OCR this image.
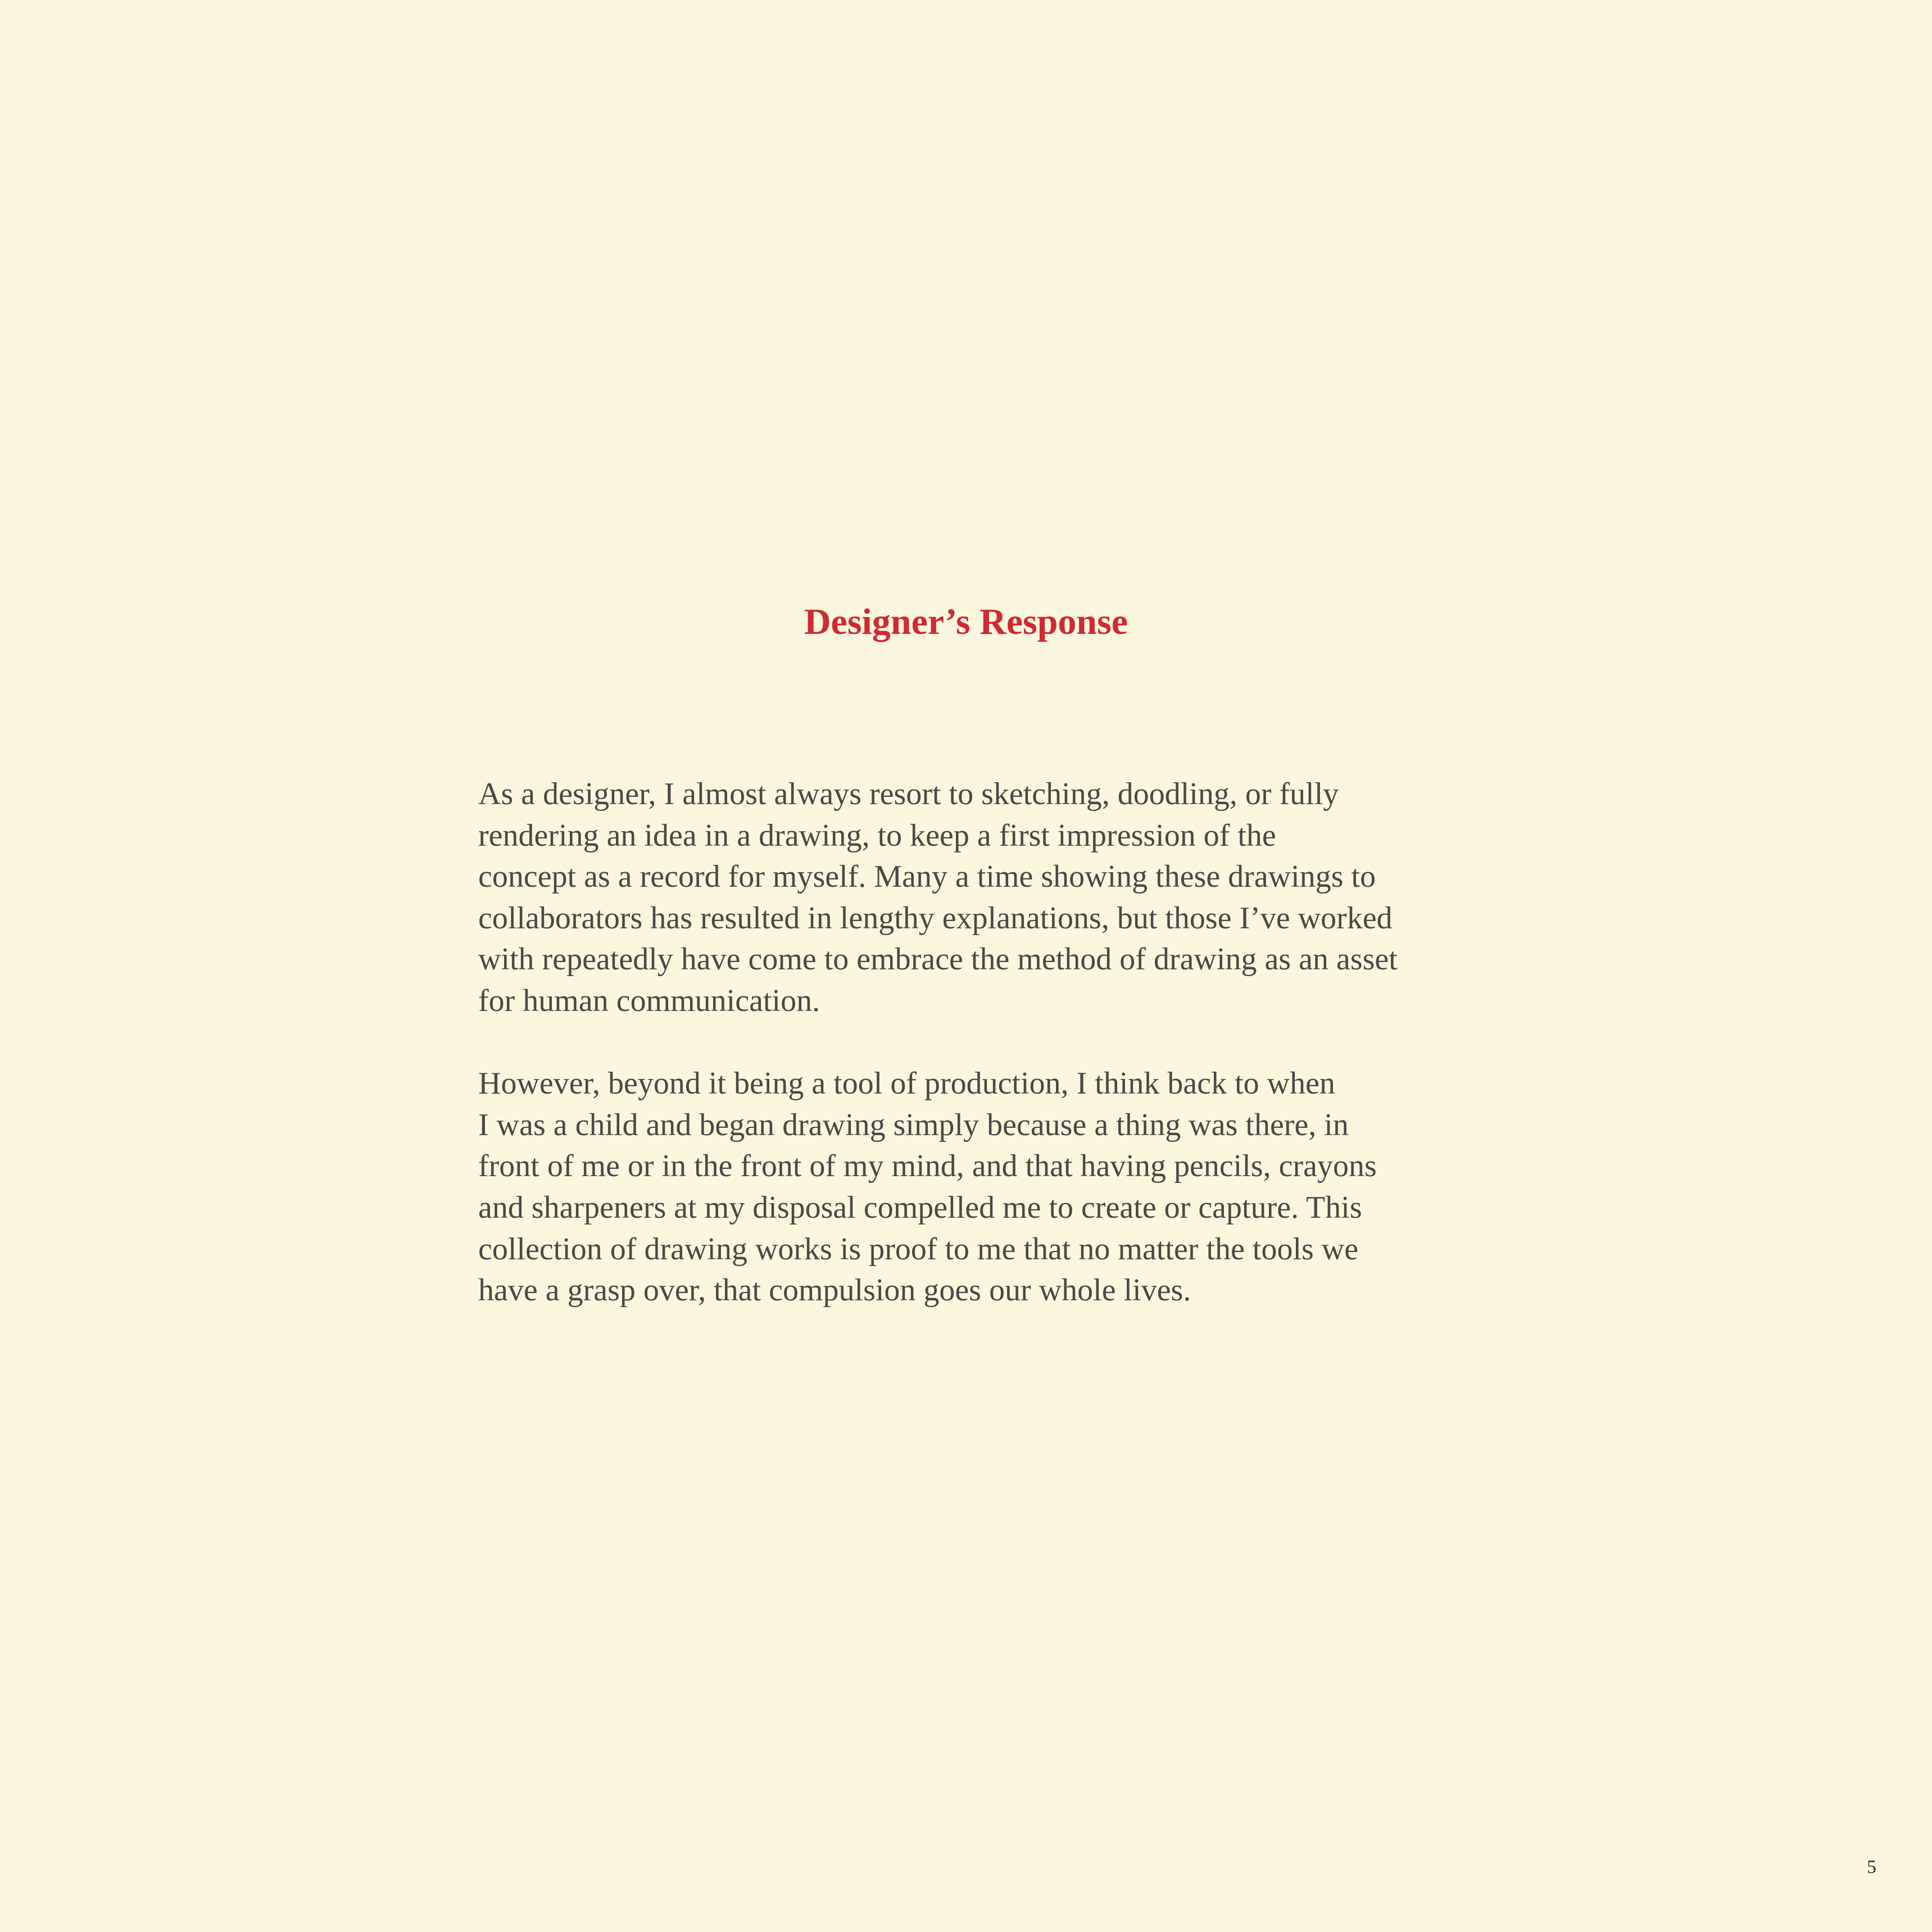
Designer’s Response

As a designer, I almost always resort to sketching, doodling, or fully
rendering an idea in a drawing, to keep a first impression of the
concept as a record for myself. Many a time showing these drawings to
collaborators has resulted in lengthy explanations, but those I’ve worked
with repeatedly have come to embrace the method of drawing as an asset
for human communication.

However, beyond it being a tool of production, I think back to when
I was a child and began drawing simply because a thing was there, in
front of me or in the front of my mind, and that having pencils, crayons
and sharpeners at my disposal compelled me to create or capture. This
collection of drawing works is proof to me that no matter the tools we
have a grasp over, that compulsion goes our whole lives.

5
